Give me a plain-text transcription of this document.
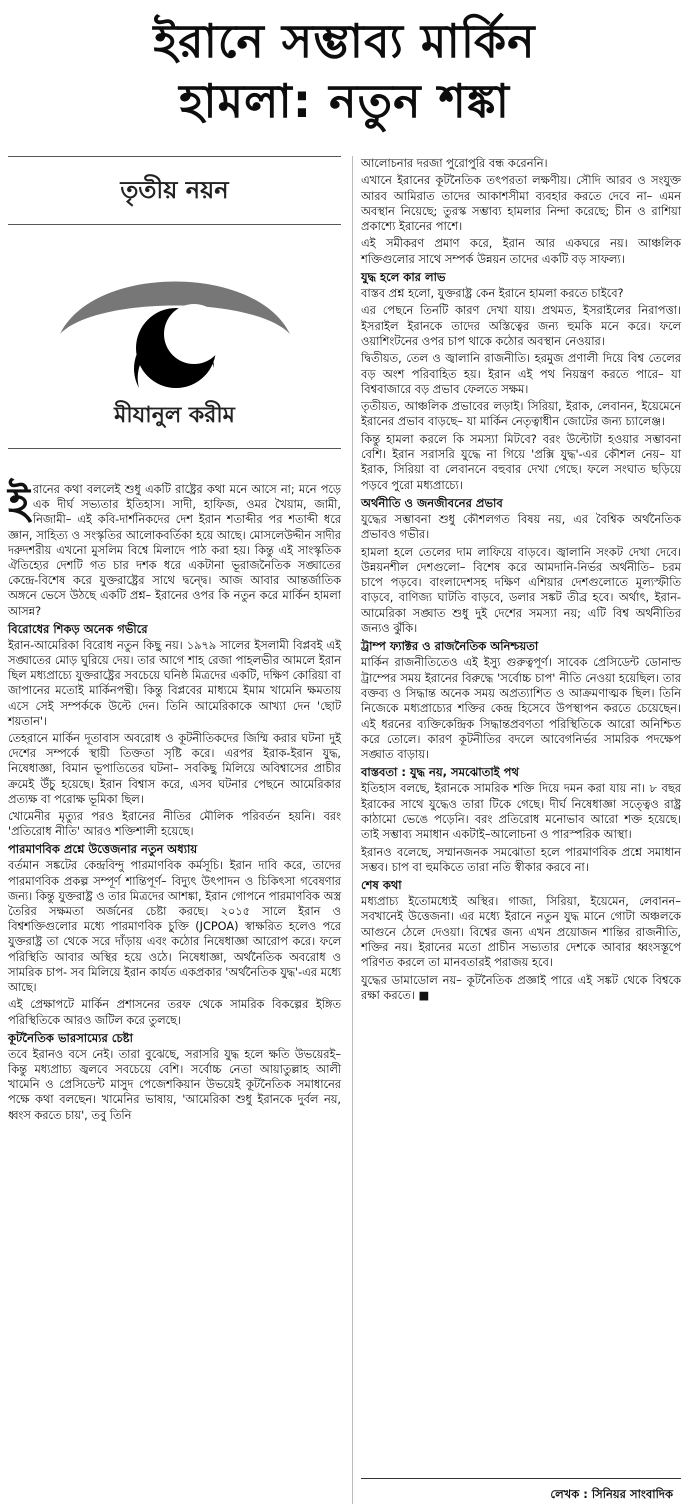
ইরানে সম্ভাব্য মার্কিন
হামলা: নতুন শঙ্কা
তৃতীয় নয়ন
মীযানুল করীম

ইরানের কথা বললেই শুধু একটি রাষ্ট্রের কথা মনে আসে না; মনে পড়ে এক দীর্ঘ সভ্যতার ইতিহাস। সাদী, হাফিজ, ওমর খৈয়াম, জামী, নিজামী– এই কবি-দার্শনিকদের দেশ ইরান শতাব্দীর পর শতাব্দী ধরে জ্ঞান, সাহিত্য ও সংস্কৃতির আলোকবর্তিকা হয়ে আছে। মোসলেউদ্দীন সাদীর দরুদশরীয় এখনো মুসলিম বিশ্বে মিলাদে পাঠ করা হয়। কিন্তু এই সাংস্কৃতিক ঐতিহ্যের দেশটি গত চার দশক ধরে একটানা ভূরাজনৈতিক সঙ্ঘাতের কেন্দ্রে-বিশেষ করে যুক্তরাষ্ট্রের সাথে দ্বন্দ্বে। আজ আবার আন্তর্জাতিক অঙ্গনে ভেসে উঠছে একটি প্রশ্ন– ইরানের ওপর কি নতুন করে মার্কিন হামলা আসন্ন?

বিরোধের শিকড় অনেক গভীরে

ইরান-আমেরিকা বিরোধ নতুন কিছু নয়। ১৯৭৯ সালের ইসলামী বিপ্লবই এই সঙ্ঘাতের মোড় ঘুরিয়ে দেয়। তার আগে শাহ রেজা পাহলভীর আমলে ইরান ছিল মধ্যপ্রাচ্যে যুক্তরাষ্ট্রের সবচেয়ে ঘনিষ্ঠ মিত্রদের একটি, দক্ষিণ কোরিয়া বা জাপানের মতোই মার্কিনপন্থী। কিন্তু বিপ্লবের মাধ্যমে ইমাম খামেনি ক্ষমতায় এসে সেই সম্পর্ককে উল্টে দেন। তিনি আমেরিকাকে আখ্যা দেন 'ছোট শয়তান'।

তেহরানে মার্কিন দূতাবাস অবরোধ ও কূটনীতিকদের জিম্মি করার ঘটনা দুই দেশের সম্পর্কে স্থায়ী তিক্ততা সৃষ্টি করে। এরপর ইরাক-ইরান যুদ্ধ, নিষেধাজ্ঞা, বিমান ভূপাতিতের ঘটনা– সবকিছু মিলিয়ে অবিশ্বাসের প্রাচীর ক্রমেই উঁচু হয়েছে। ইরান বিশ্বাস করে, এসব ঘটনার পেছনে আমেরিকার প্রত্যক্ষ বা পরোক্ষ ভূমিকা ছিল।

খোমেনীর মৃত্যুর পরও ইরানের নীতির মৌলিক পরিবর্তন হয়নি। বরং 'প্রতিরোধ নীতি' আরও শক্তিশালী হয়েছে।

পারমাণবিক প্রশ্নে উত্তেজনার নতুন অধ্যায়

বর্তমান সঙ্কটের কেন্দ্রবিন্দু পারমাণবিক কর্মসূচি। ইরান দাবি করে, তাদের পারমাণবিক প্রকল্প সম্পূর্ণ শান্তিপূর্ণ– বিদ্যুৎ উৎপাদন ও চিকিৎসা গবেষণার জন্য। কিন্তু যুক্তরাষ্ট্র ও তার মিত্রদের আশঙ্কা, ইরান গোপনে পারমাণবিক অস্ত্র তৈরির সক্ষমতা অর্জনের চেষ্টা করছে। ২০১৫ সালে ইরান ও বিশ্বশক্তিগুলোর মধ্যে পারমাণবিক চুক্তি (JCPOA) স্বাক্ষরিত হলেও পরে যুক্তরাষ্ট্র তা থেকে সরে দাঁড়ায় এবং কঠোর নিষেধাজ্ঞা আরোপ করে। ফলে পরিস্থিতি আবার অস্থির হয়ে ওঠে। নিষেধাজ্ঞা, অর্থনৈতিক অবরোধ ও সামরিক চাপ- সব মিলিয়ে ইরান কার্যত একপ্রকার 'অর্থনৈতিক যুদ্ধ'-এর মধ্যে আছে।

এই প্রেক্ষাপটে মার্কিন প্রশাসনের তরফ থেকে সামরিক বিকল্পের ইঙ্গিত পরিস্থিতিকে আরও জটিল করে তুলছে।

কূটনৈতিক ভারসাম্যের চেষ্টা

তবে ইরানও বসে নেই। তারা বুঝেছে, সরাসরি যুদ্ধ হলে ক্ষতি উভয়েরই– কিন্তু মধ্যপ্রাচ্য জ্বলবে সবচেয়ে বেশি। সর্বোচ্চ নেতা আয়াতুল্লাহ আলী খামেনি ও প্রেসিডেন্ট মাসুদ পেজেশকিয়ান উভয়েই কূটনৈতিক সমাধানের পক্ষে কথা বলছেন। খামেনির ভাষায়, 'আমেরিকা শুধু ইরানকে দুর্বল নয়, ধ্বংস করতে চায়', তবু তিনি

আলোচনার দরজা পুরোপুরি বন্ধ করেননি।

এখানে ইরানের কূটনৈতিক তৎপরতা লক্ষণীয়। সৌদি আরব ও সংযুক্ত আরব আমিরাত তাদের আকাশসীমা ব্যবহার করতে দেবে না– এমন অবস্থান নিয়েছে; তুরস্ক সম্ভাব্য হামলার নিন্দা করেছে; চীন ও রাশিয়া প্রকাশ্যে ইরানের পাশে।

এই সমীকরণ প্রমাণ করে, ইরান আর একঘরে নয়। আঞ্চলিক শক্তিগুলোর সাথে সম্পর্ক উন্নয়ন তাদের একটি বড় সাফল্য।

যুদ্ধ হলে কার লাভ

বাস্তব প্রশ্ন হলো, যুক্তরাষ্ট্র কেন ইরানে হামলা করতে চাইবে?

এর পেছনে তিনটি কারণ দেখা যায়। প্রথমত, ইসরাইলের নিরাপত্তা। ইসরাইল ইরানকে তাদের অস্তিত্বের জন্য হুমকি মনে করে। ফলে ওয়াশিংটনের ওপর চাপ থাকে কঠোর অবস্থান নেওয়ার।

দ্বিতীয়ত, তেল ও জ্বালানি রাজনীতি। হরমুজ প্রণালী দিয়ে বিশ্ব তেলের বড় অংশ পরিবাহিত হয়। ইরান এই পথ নিয়ন্ত্রণ করতে পারে– যা বিশ্ববাজারে বড় প্রভাব ফেলতে সক্ষম।

তৃতীয়ত, আঞ্চলিক প্রভাবের লড়াই। সিরিয়া, ইরাক, লেবানন, ইয়েমেনে ইরানের প্রভাব বাড়ছে– যা মার্কিন নেতৃত্বাধীন জোটের জন্য চ্যালেঞ্জ।

কিন্তু হামলা করলে কি সমস্যা মিটবে? বরং উল্টোটা হওয়ার সম্ভাবনা বেশি। ইরান সরাসরি যুদ্ধে না গিয়ে 'প্রক্সি যুদ্ধ'-এর কৌশল নেয়– যা ইরাক, সিরিয়া বা লেবাননে বহুবার দেখা গেছে। ফলে সংঘাত ছড়িয়ে পড়বে পুরো মধ্যপ্রাচ্যে।

অর্থনীতি ও জনজীবনের প্রভাব

যুদ্ধের সম্ভাবনা শুধু কৌশলগত বিষয় নয়, এর বৈশ্বিক অর্থনৈতিক প্রভাবও গভীর।

হামলা হলে তেলের দাম লাফিয়ে বাড়বে। জ্বালানি সংকট দেখা দেবে। উন্নয়নশীল দেশগুলো– বিশেষ করে আমদানি-নির্ভর অর্থনীতি– চরম চাপে পড়বে। বাংলাদেশসহ দক্ষিণ এশিয়ার দেশগুলোতে মূল্যস্ফীতি বাড়বে, বাণিজ্য ঘাটতি বাড়বে, ডলার সঙ্কট তীব্র হবে। অর্থাৎ, ইরান-আমেরিকা সঙ্ঘাত শুধু দুই দেশের সমস্যা নয়; এটি বিশ্ব অর্থনীতির জন্যও ঝুঁকি।

ট্রাম্প ফ্যাক্টর ও রাজনৈতিক অনিশ্চয়তা

মার্কিন রাজনীতিতেও এই ইস্যু গুরুত্বপূর্ণ। সাবেক প্রেসিডেন্ট ডোনাল্ড ট্রাম্পের সময় ইরানের বিরুদ্ধে 'সর্বোচ্চ চাপ' নীতি নেওয়া হয়েছিল। তার বক্তব্য ও সিদ্ধান্ত অনেক সময় অপ্রত্যাশিত ও আক্রমণাত্মক ছিল। তিনি নিজেকে মধ্যপ্রাচ্যের শক্তির কেন্দ্র হিসেবে উপস্থাপন করতে চেয়েছেন। এই ধরনের ব্যক্তিকেন্দ্রিক সিদ্ধান্তপ্রবণতা পরিস্থিতিকে আরো অনিশ্চিত করে তোলে। কারণ কূটনীতির বদলে আবেগনির্ভর সামরিক পদক্ষেপ সঙ্ঘাত বাড়ায়।

বাস্তবতা : যুদ্ধ নয়, সমঝোতাই পথ

ইতিহাস বলছে, ইরানকে সামরিক শক্তি দিয়ে দমন করা যায় না। ৮ বছর ইরাকের সাথে যুদ্ধেও তারা টিকে গেছে। দীর্ঘ নিষেধাজ্ঞা সত্ত্বেও রাষ্ট্র কাঠামো ভেঙে পড়েনি। বরং প্রতিরোধ মনোভাব আরো শক্ত হয়েছে। তাই সম্ভাব্য সমাধান একটাই–আলোচনা ও পারস্পরিক আস্থা।

ইরানও বলেছে, সম্মানজনক সমঝোতা হলে পারমাণবিক প্রশ্নে সমাধান সম্ভব। চাপ বা হুমকিতে তারা নতি স্বীকার করবে না।

শেষ কথা

মধ্যপ্রাচ্য ইতোমধ্যেই অস্থির। গাজা, সিরিয়া, ইয়েমেন, লেবানন– সবখানেই উত্তেজনা। এর মধ্যে ইরানে নতুন যুদ্ধ মানে গোটা অঞ্চলকে আগুনে ঠেলে দেওয়া। বিশ্বের জন্য এখন প্রয়োজন শান্তির রাজনীতি, শক্তির নয়। ইরানের মতো প্রাচীন সভ্যতার দেশকে আবার ধ্বংসস্তূপে পরিণত করলে তা মানবতারই পরাজয় হবে।

যুদ্ধের ডামাডোল নয়– কূটনৈতিক প্রজ্ঞাই পারে এই সঙ্কট থেকে বিশ্বকে রক্ষা করতে। ■

লেখক : সিনিয়র সাংবাদিক
